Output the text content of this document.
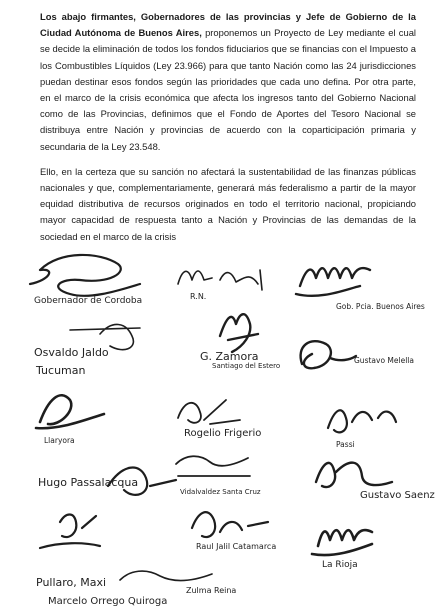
Los abajo firmantes, Gobernadores de las provincias y Jefe de Gobierno de la Ciudad Autónoma de Buenos Aires, proponemos un Proyecto de Ley mediante el cual se decide la eliminación de todos los fondos fiduciarios que se financias con el Impuesto a los Combustibles Líquidos (Ley 23.966) para que tanto Nación como las 24 jurisdicciones puedan destinar esos fondos según las prioridades que cada uno defina. Por otra parte, en el marco de la crisis económica que afecta los ingresos tanto del Gobierno Nacional como de las Provincias, definimos que el Fondo de Aportes del Tesoro Nacional se distribuya entre Nación y provincias de acuerdo con la coparticipación primaria y secundaria de la Ley 23.548.

Ello, en la certeza que su sanción no afectará la sustentabilidad de las finanzas públicas nacionales y que, complementariamente, generará más federalismo a partir de la mayor equidad distributiva de recursos originados en todo el territorio nacional, propiciando mayor capacidad de respuesta tanto a Nación y Provincias de las demandas de la sociedad en el marco de la crisis

Gobernador de Cordoba	R.N.
Gob. Pcia. Buenos Aires
Osvaldo Jaldo
Tucuman
G. Zamora
Santiago del Estero
Gustavo Melella
Llaryora
Rogelio Frigerio
Passi
Hugo Passalacqua
Vidalvaldez Santa Cruz	Gustavo Saenz
Raul Jalil Catamarca
La Rioja
Pullaro, Maxi
Marcelo Orrego Quiroga
Zulma Reina
